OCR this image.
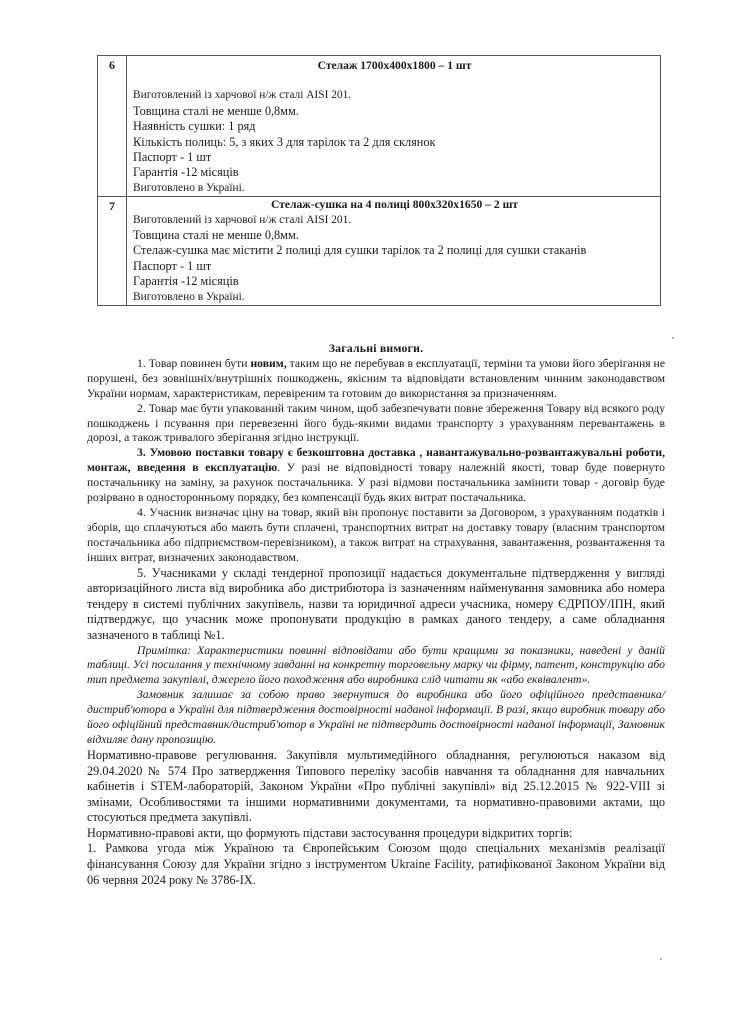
6	Стелаж 1700х400х1800 – 1 шт
Виготовлений із харчової н/ж сталі AISI 201.
Товщина сталі не менше 0,8мм.
Наявність сушки: 1 ряд
Кількість полиць: 5, з яких 3 для тарілок та 2 для склянок
Паспорт - 1 шт
Гарантія -12 місяців
Виготовлено в Україні.

7	Стелаж-сушка на 4 полиці 800х320х1650 – 2 шт
Виготовлений із харчової н/ж сталі AISI 201.
Товщина сталі не менше 0,8мм.
Стелаж-сушка має містити 2 полиці для сушки тарілок та 2 полиці для сушки стаканів
Паспорт - 1 шт
Гарантія -12 місяців
Виготовлено в Україні.
Загальні вимоги.

1. Товар повинен бути новим, таким що не перебував в експлуатації, терміни та умови його зберігання не порушені, без зовнішніх/внутрішніх пошкоджень, якісним та відповідати встановленим чинним законодавством України нормам, характеристикам, перевіреним та готовим до використання за призначенням.

2. Товар має бути упакований таким чином, щоб забезпечувати повне збереження Товару від всякого роду пошкоджень і псування при перевезенні його будь-якими видами транспорту з урахуванням перевантажень в дорозі, а також тривалого зберігання згідно інструкції.

3. Умовою поставки товару є безкоштовна доставка , навантажувально-розвантажувальні роботи, монтаж, введення в експлуатацію. У разі не відповідності товару належній якості, товар буде повернуто постачальнику на заміну, за рахунок постачальника. У разі відмови постачальника замінити товар - договір буде розірвано в односторонньому порядку, без компенсації будь яких витрат постачальника.

4. Учасник визначає ціну на товар, який він пропонує поставити за Договором, з урахуванням податків і зборів, що сплачуються або мають бути сплачені, транспортних витрат на доставку товару (власним транспортом постачальника або підприємством-перевізником), а також витрат на страхування, завантаження, розвантаження та інших витрат, визначених законодавством.

5. Учасниками у складі тендерної пропозиції надається документальне підтвердження у вигляді авторизаційного листа від виробника або дистрибютора із зазначенням найменування замовника або номера тендеру в системі публічних закупівель, назви та юридичної адреси учасника, номеру ЄДРПОУ/ІПН, який підтверджує, що учасник може пропонувати продукцію в рамках даного тендеру, а саме обладнання зазначеного в таблиці №1.

Примітка: Характеристики повинні відповідати або бути кращими за показники, наведені у даній таблиці. Усі посилання у технічному завданні на конкретну торговельну марку чи фірму, патент, конструкцію або тип предмета закупівлі, джерело його походження або виробника слід читати як «або еквівалент».

Замовник залишає за собою право звернутися до виробника або його офіційного представника/дистриб'ютора в Україні для підтвердження достовірності наданої інформації. В разі, якщо виробник товару або його офіційний представник/дистриб'ютор в Україні не підтвердить достовірності наданої інформації, Замовник відхиляє дану пропозицію.

Нормативно-правове регулювання. Закупівля мультимедійного обладнання, регулюються наказом від 29.04.2020 № 574 Про затвердження Типового переліку засобів навчання та обладнання для навчальних кабінетів і STEM-лабораторій, Законом України «Про публічні закупівлі» від 25.12.2015 № 922-VIII зі змінами, Особливостями та іншими нормативними документами, та нормативно-правовими актами, що стосуються предмета закупівлі.

Нормативно-правові акти, що формують підстави застосування процедури відкритих торгів:

1. Рамкова угода між Україною та Європейським Союзом щодо спеціальних механізмів реалізації фінансування Союзу для України згідно з інструментом Ukraine Facility, ратифікованої Законом України від 06 червня 2024 року № 3786-IX.
